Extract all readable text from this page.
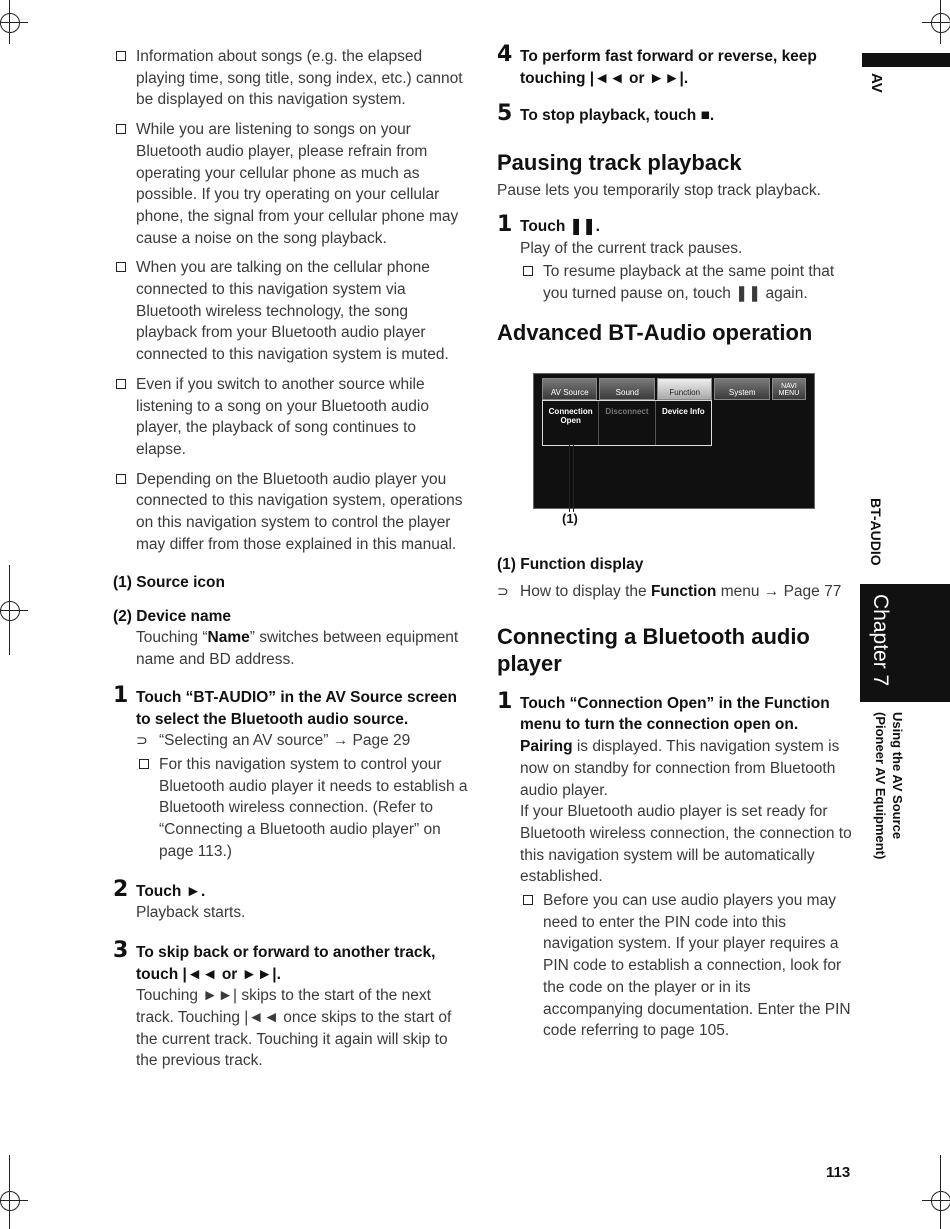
Information about songs (e.g. the elapsed playing time, song title, song index, etc.) cannot be displayed on this navigation system.
While you are listening to songs on your Bluetooth audio player, please refrain from operating your cellular phone as much as possible. If you try operating on your cellular phone, the signal from your cellular phone may cause a noise on the song playback.
When you are talking on the cellular phone connected to this navigation system via Bluetooth wireless technology, the song playback from your Bluetooth audio player connected to this navigation system is muted.
Even if you switch to another source while listening to a song on your Bluetooth audio player, the playback of song continues to elapse.
Depending on the Bluetooth audio player you connected to this navigation system, operations on this navigation system to control the player may differ from those explained in this manual.
(1) Source icon
(2) Device name
Touching “Name” switches between equipment name and BD address.
1 Touch “BT-AUDIO” in the AV Source screen to select the Bluetooth audio source.
⊃ “Selecting an AV source” → Page 29
For this navigation system to control your Bluetooth audio player it needs to establish a Bluetooth wireless connection. (Refer to “Connecting a Bluetooth audio player” on page 113.)
2 Touch ►.
Playback starts.
3 To skip back or forward to another track, touch |◄◄ or ►►|.
Touching ►►| skips to the start of the next track. Touching |◄◄ once skips to the start of the current track. Touching it again will skip to the previous track.
4 To perform fast forward or reverse, keep touching |◄◄ or ►►|.
5 To stop playback, touch ■.
Pausing track playback
Pause lets you temporarily stop track playback.
1 Touch ❚❚.
Play of the current track pauses.
To resume playback at the same point that you turned pause on, touch ❚❚ again.
Advanced BT-Audio operation
AV Source	Sound	Function	System
NAVI MENU
Connection Open
Disconnect	Device Info
(1)
(1) Function display
⊃ How to display the Function menu → Page 77
Connecting a Bluetooth audio player
1 Touch “Connection Open” in the Function menu to turn the connection open on.
Pairing is displayed. This navigation system is now on standby for connection from Bluetooth audio player.
If your Bluetooth audio player is set ready for Bluetooth wireless connection, the connection to this navigation system will be automatically established.
Before you can use audio players you may need to enter the PIN code into this navigation system. If your player requires a PIN code to establish a connection, look for the code on the player or in its accompanying documentation. Enter the PIN code referring to page 105.
AV
BT-AUDIO
Chapter 7
Using the AV Source
(Pioneer AV Equipment)
113
